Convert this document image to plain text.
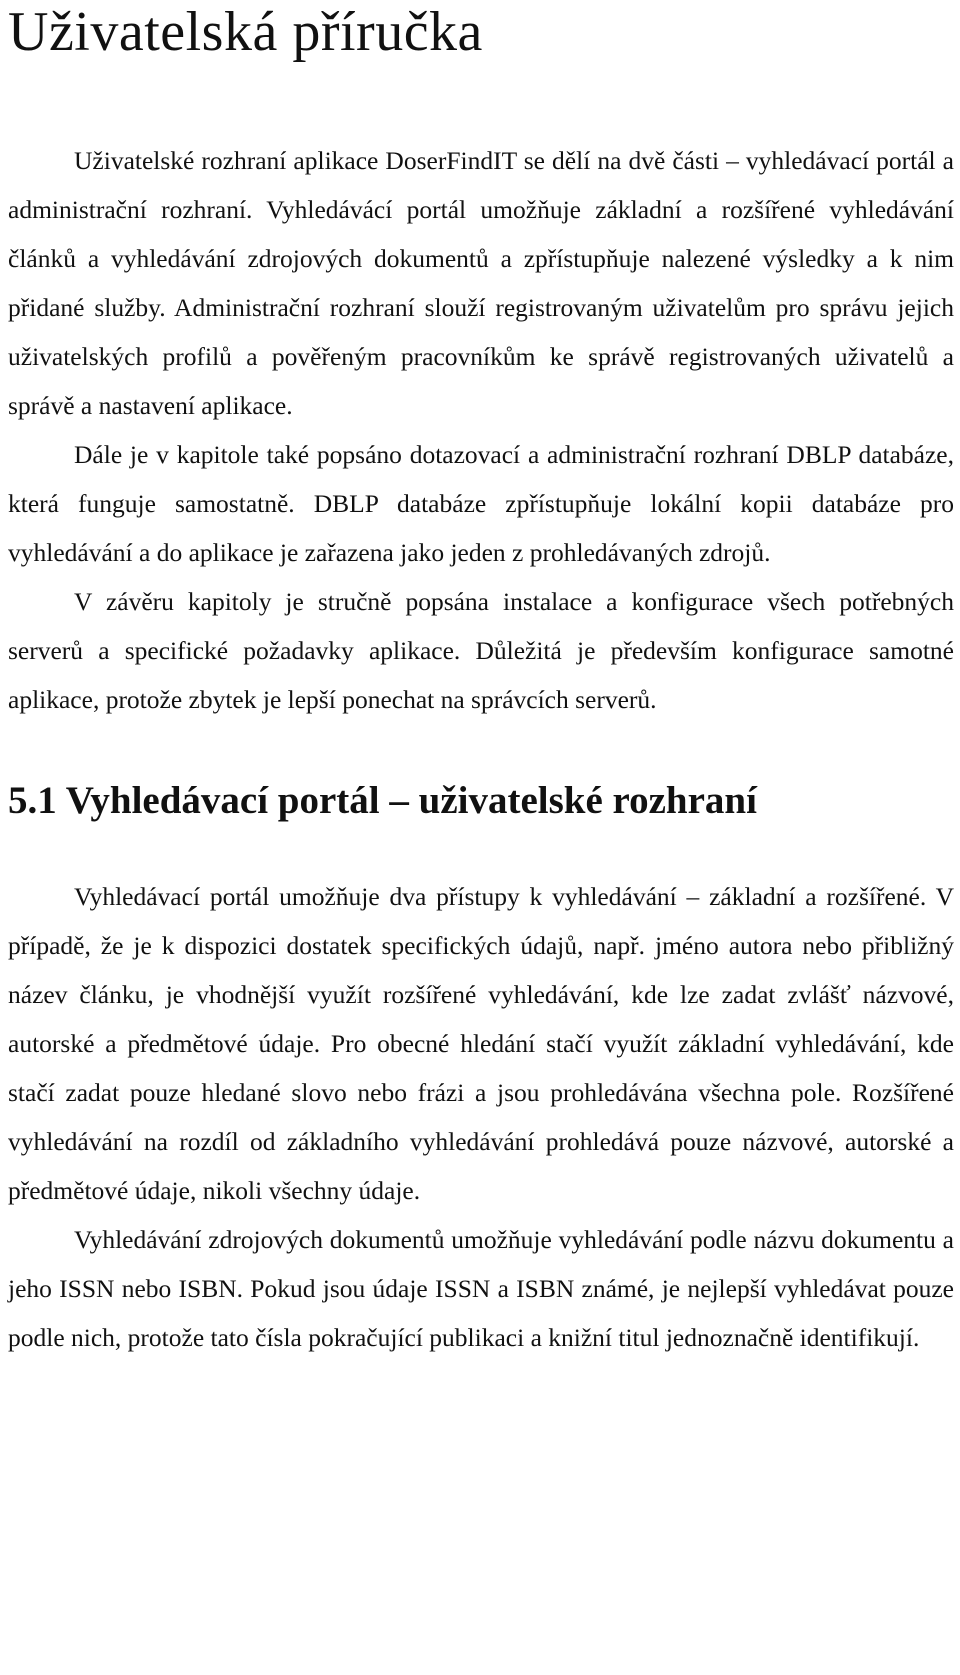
Uživatelská příručka

Uživatelské rozhraní aplikace DoserFindIT se dělí na dvě části – vyhledávací portál a administrační rozhraní. Vyhledávácí portál umožňuje základní a rozšířené vyhledávání článků a vyhledávání zdrojových dokumentů a zpřístupňuje nalezené výsledky a k nim přidané služby. Administrační rozhraní slouží registrovaným uživatelům pro správu jejich uživatelských profilů a pověřeným pracovníkům ke správě registrovaných uživatelů a správě a nastavení aplikace.

Dále je v kapitole také popsáno dotazovací a administrační rozhraní DBLP databáze, která funguje samostatně. DBLP databáze zpřístupňuje lokální kopii databáze pro vyhledávání a do aplikace je zařazena jako jeden z prohledávaných zdrojů.

V závěru kapitoly je stručně popsána instalace a konfigurace všech potřebných serverů a specifické požadavky aplikace. Důležitá je především konfigurace samotné aplikace, protože zbytek je lepší ponechat na správcích serverů.

5.1 Vyhledávací portál – uživatelské rozhraní

Vyhledávací portál umožňuje dva přístupy k vyhledávání – základní a rozšířené. V případě, že je k dispozici dostatek specifických údajů, např. jméno autora nebo přibližný název článku, je vhodnější využít rozšířené vyhledávání, kde lze zadat zvlášť názvové, autorské a předmětové údaje. Pro obecné hledání stačí využít základní vyhledávání, kde stačí zadat pouze hledané slovo nebo frázi a jsou prohledávána všechna pole. Rozšířené vyhledávání na rozdíl od základního vyhledávání prohledává pouze názvové, autorské a předmětové údaje, nikoli všechny údaje.

Vyhledávání zdrojových dokumentů umožňuje vyhledávání podle názvu dokumentu a jeho ISSN nebo ISBN. Pokud jsou údaje ISSN a ISBN známé, je nejlepší vyhledávat pouze podle nich, protože tato čísla pokračující publikaci a knižní titul jednoznačně identifikují.
